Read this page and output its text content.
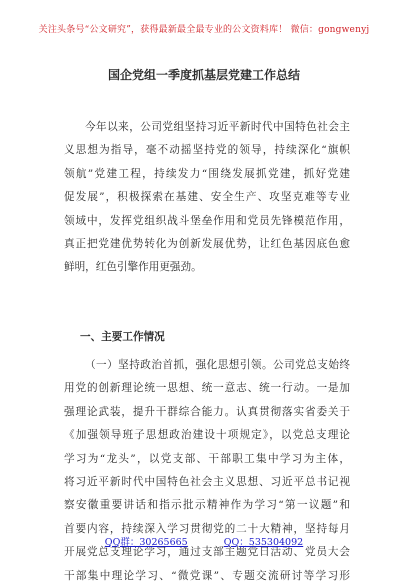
关注头条号“公文研究”，获得最新最全最专业的公文资料库！ 微信：gongwenyj
国企党组一季度抓基层党建工作总结
今年以来，公司党组坚持习近平新时代中国特色社会主
义思想为指导，毫不动摇坚持党的领导，持续深化“旗帜
领航”党建工程，持续发力“围绕发展抓党建，抓好党建
促发展”，积极探索在基建、安全生产、攻坚克难等专业
领域中，发挥党组织战斗堡垒作用和党员先锋模范作用，
真正把党建优势转化为创新发展优势，让红色基因底色愈
鲜明，红色引擎作用更强劲。
一、主要工作情况
（一）坚持政治首抓，强化思想引领。公司党总支始终
用党的创新理论统一思想、统一意志、统一行动。一是加
强理论武装，提升干群综合能力。认真贯彻落实省委关于
《加强领导班子思想政治建设十项规定》，以党总支理论
学习为“龙头”，以党支部、干部职工集中学习为主体，
将习近平新时代中国特色社会主义思想、习近平总书记视
察安徽重要讲话和指示批示精神作为学习“第一议题”和
首要内容，持续深入学习贯彻党的二十大精神，坚持每月
开展党总支理论学习，通过支部主题党日活动、党员大会
干部集中理论学习、“微党课”、专题交流研讨等学习形
QQ群：30265665	QQ：535304092
